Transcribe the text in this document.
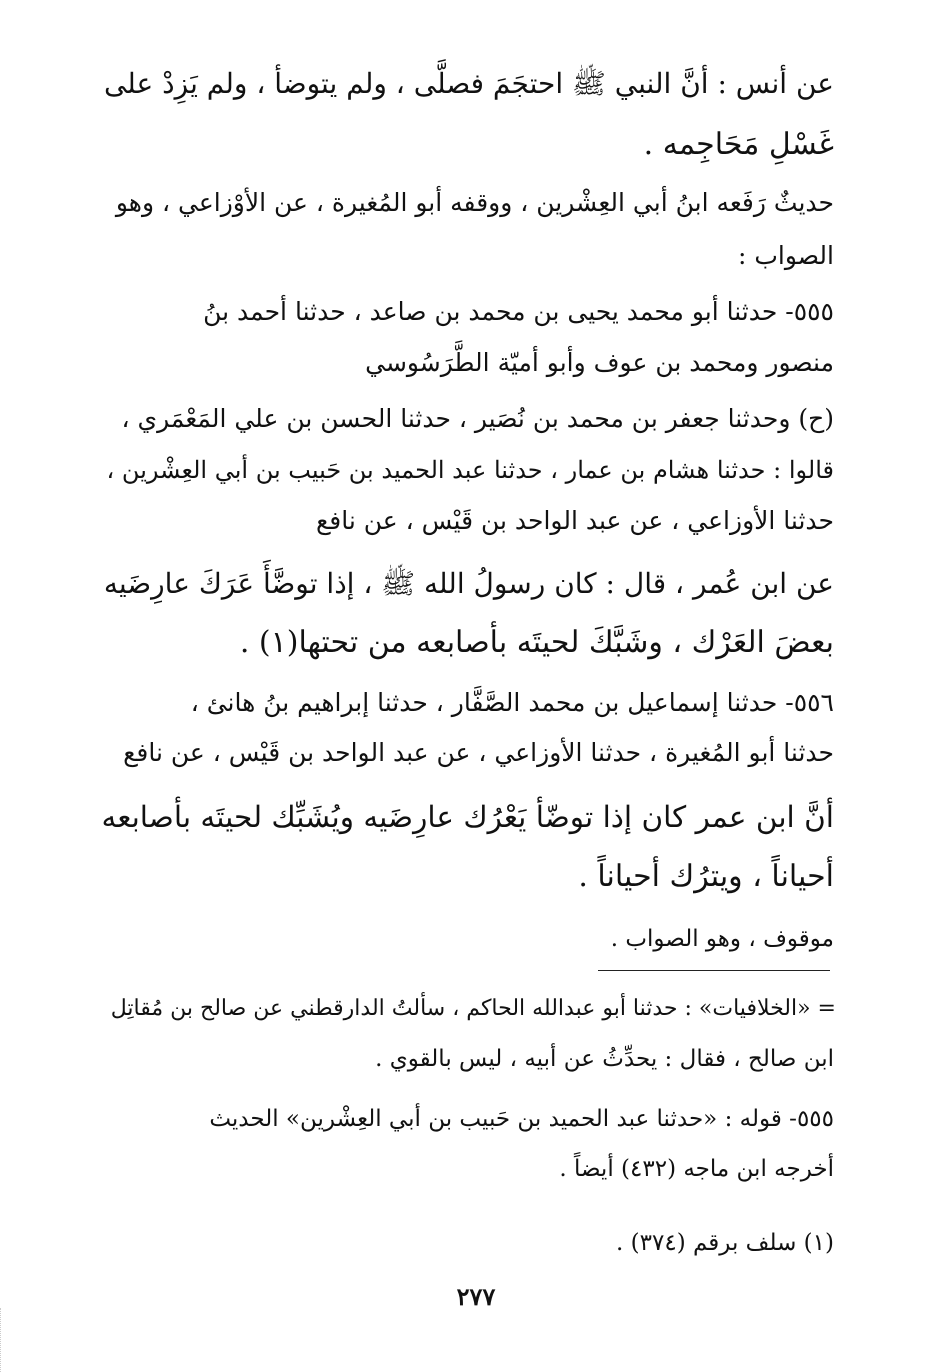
عن أنس : أنَّ النبي ﷺ احتجَمَ فصلَّى ، ولم يتوضأ ، ولم يَزِدْ على
غَسْلِ مَحَاجِمه .
حديثٌ رَفَعه ابنُ أبي العِشْرين ، ووقفه أبو المُغيرة ، عن الأوْزاعي ، وهو
الصواب :
٥٥٥- حدثنا أبو محمد يحيى بن محمد بن صاعد ، حدثنا أحمد بنُ
منصور ومحمد بن عوف وأبو أميّة الطَّرَسُوسي
(ح) وحدثنا جعفر بن محمد بن نُصَير ، حدثنا الحسن بن علي المَعْمَري ،
قالوا : حدثنا هشام بن عمار ، حدثنا عبد الحميد بن حَبيب بن أبي العِشْرين ،
حدثنا الأوزاعي ، عن عبد الواحد بن قَيْس ، عن نافع
عن ابن عُمر ، قال : كان رسولُ الله ﷺ ، إذا توضَّأَ عَرَكَ عارِضَيه
بعضَ العَرْك ، وشَبَّكَ لحيتَه بأصابعه من تحتها(١) .
٥٥٦- حدثنا إسماعيل بن محمد الصَّفَّار ، حدثنا إبراهيم بنُ هانئ ،
حدثنا أبو المُغيرة ، حدثنا الأوزاعي ، عن عبد الواحد بن قَيْس ، عن نافع
أنَّ ابن عمر كان إذا توضّأ يَعْرُك عارِضَيه ويُشَبِّك لحيتَه بأصابعه
أحياناً ، ويترُك أحياناً .
موقوف ، وهو الصواب .
= «الخلافيات» : حدثنا أبو عبدالله الحاكم ، سألتُ الدارقطني عن صالح بن مُقاتِل
ابن صالح ، فقال : يحدِّثُ عن أبيه ، ليس بالقوي .
٥٥٥- قوله : «حدثنا عبد الحميد بن حَبيب بن أبي العِشْرين» الحديث
أخرجه ابن ماجه (٤٣٢) أيضاً .
(١) سلف برقم (٣٧٤) .
٢٧٧
